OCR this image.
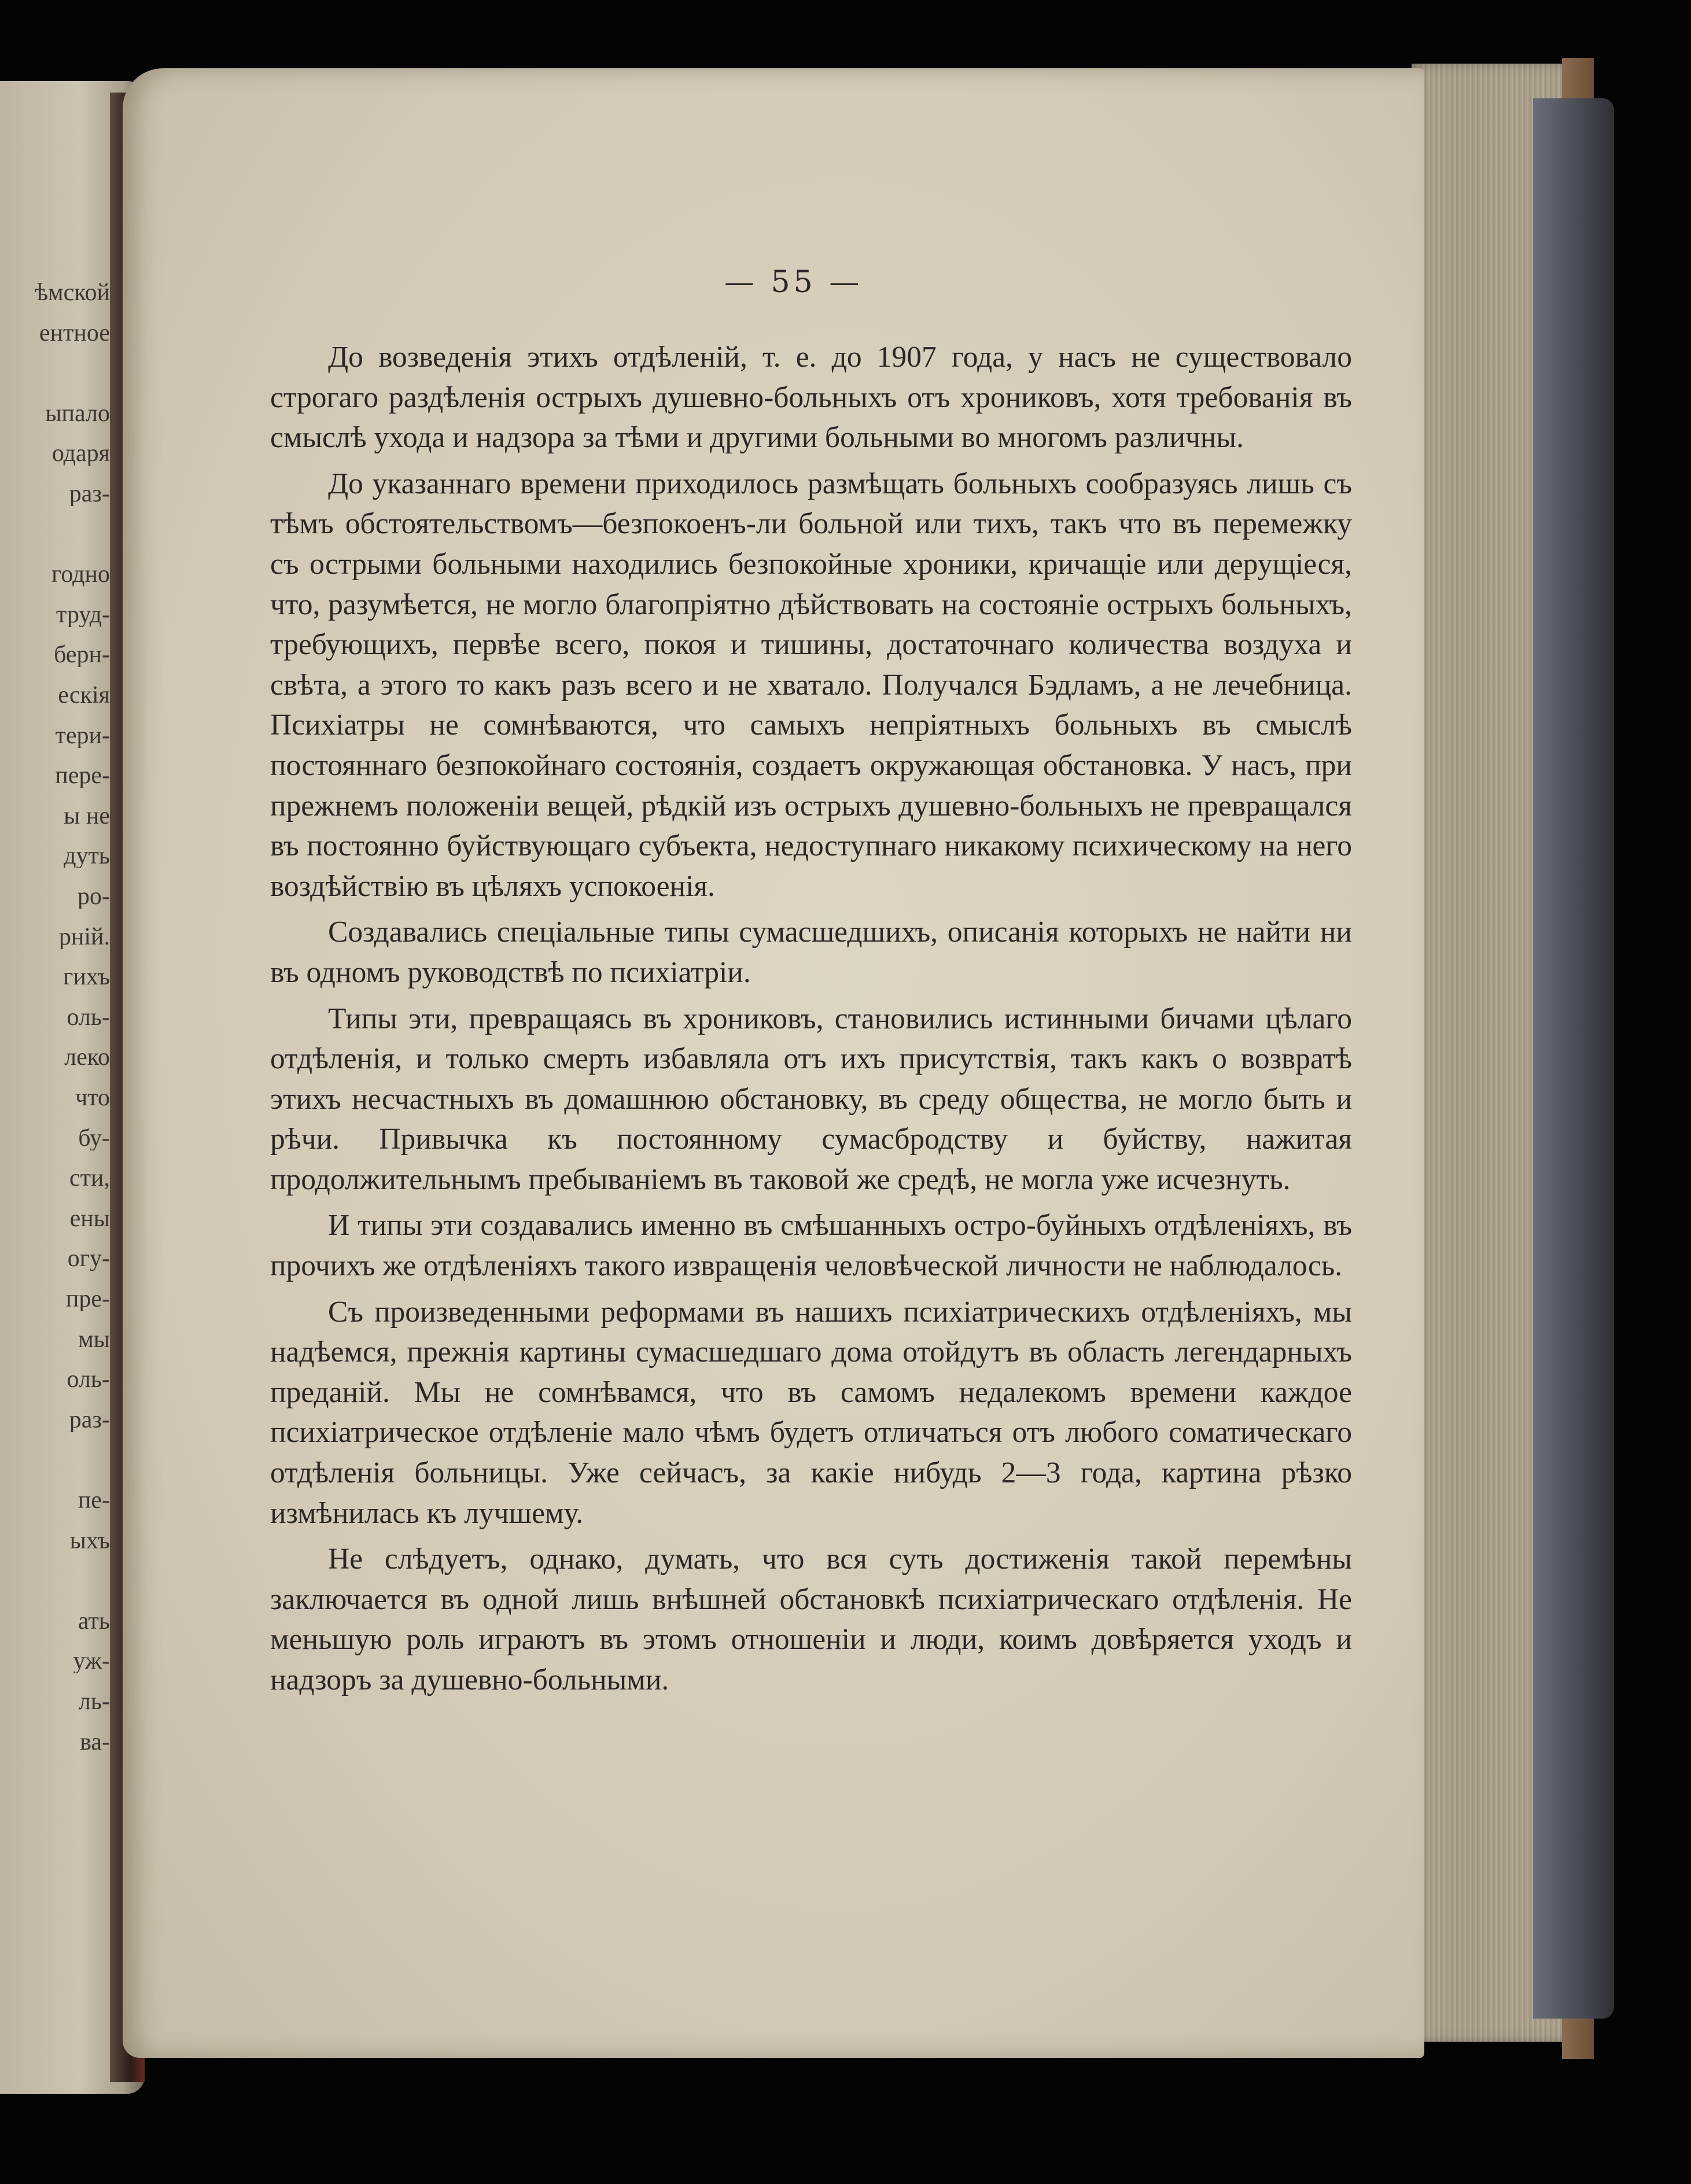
ѣмской
ентное
ыпало
одаря
раз-
годно
труд-
берн-
ескія
тери-
пере-
ы не
дуть
ро-
рній.
гихъ
оль-
леко
что
бу-
сти,
ены
огу-
пре-
мы
оль-
раз-
пе-
ыхъ
ать
уж-
ль-
ва-
— 55 —

До возведенія этихъ отдѣленій, т. е. до 1907 года, у насъ не существовало строгаго раздѣленія острыхъ душевно-больныхъ отъ хрониковъ, хотя требованія въ смыслѣ ухода и надзора за тѣми и другими больными во многомъ различны.

До указаннаго времени приходилось размѣщать больныхъ сообразуясь лишь съ тѣмъ обстоятельствомъ—безпокоенъ-ли больной или тихъ, такъ что въ перемежку съ острыми больными находились безпокойные хроники, кричащіе или дерущіеся, что, разумѣется, не могло благопріятно дѣйствовать на состояніе острыхъ больныхъ, требующихъ, первѣе всего, покоя и тишины, достаточнаго количества воздуха и свѣта, а этого то какъ разъ всего и не хватало. Получался Бэдламъ, а не лечебница. Психіатры не сомнѣваются, что самыхъ непріятныхъ больныхъ въ смыслѣ постояннаго безпокойнаго состоянія, создаетъ окружающая обстановка. У насъ, при прежнемъ положеніи вещей, рѣдкій изъ острыхъ душевно-больныхъ не превращался въ постоянно буйствующаго субъекта, недоступнаго никакому психическому на него воздѣйствію въ цѣляхъ успокоенія.

Создавались спеціальные типы сумасшедшихъ, описанія которыхъ не найти ни въ одномъ руководствѣ по психіатріи.

Типы эти, превращаясь въ хрониковъ, становились истинными бичами цѣлаго отдѣленія, и только смерть избавляла отъ ихъ присутствія, такъ какъ о возвратѣ этихъ несчастныхъ въ домашнюю обстановку, въ среду общества, не могло быть и рѣчи. Привычка къ постоянному сумасбродству и буйству, нажитая продолжительнымъ пребываніемъ въ таковой же средѣ, не могла уже исчезнуть.

И типы эти создавались именно въ смѣшанныхъ остро-буйныхъ отдѣленіяхъ, въ прочихъ же отдѣленіяхъ такого извращенія человѣческой личности не наблюдалось.

Съ произведенными реформами въ нашихъ психіатрическихъ отдѣленіяхъ, мы надѣемся, прежнія картины сумасшедшаго дома отойдутъ въ область легендарныхъ преданій. Мы не сомнѣвамся, что въ самомъ недалекомъ времени каждое психіатрическое отдѣленіе мало чѣмъ будетъ отличаться отъ любого соматическаго отдѣленія больницы. Уже сейчасъ, за какіе нибудь 2—3 года, картина рѣзко измѣнилась къ лучшему.

Не слѣдуетъ, однако, думать, что вся суть достиженія такой перемѣны заключается въ одной лишь внѣшней обстановкѣ психіатрическаго отдѣленія. Не меньшую роль играютъ въ этомъ отношеніи и люди, коимъ довѣряется уходъ и надзоръ за душевно-больными.
